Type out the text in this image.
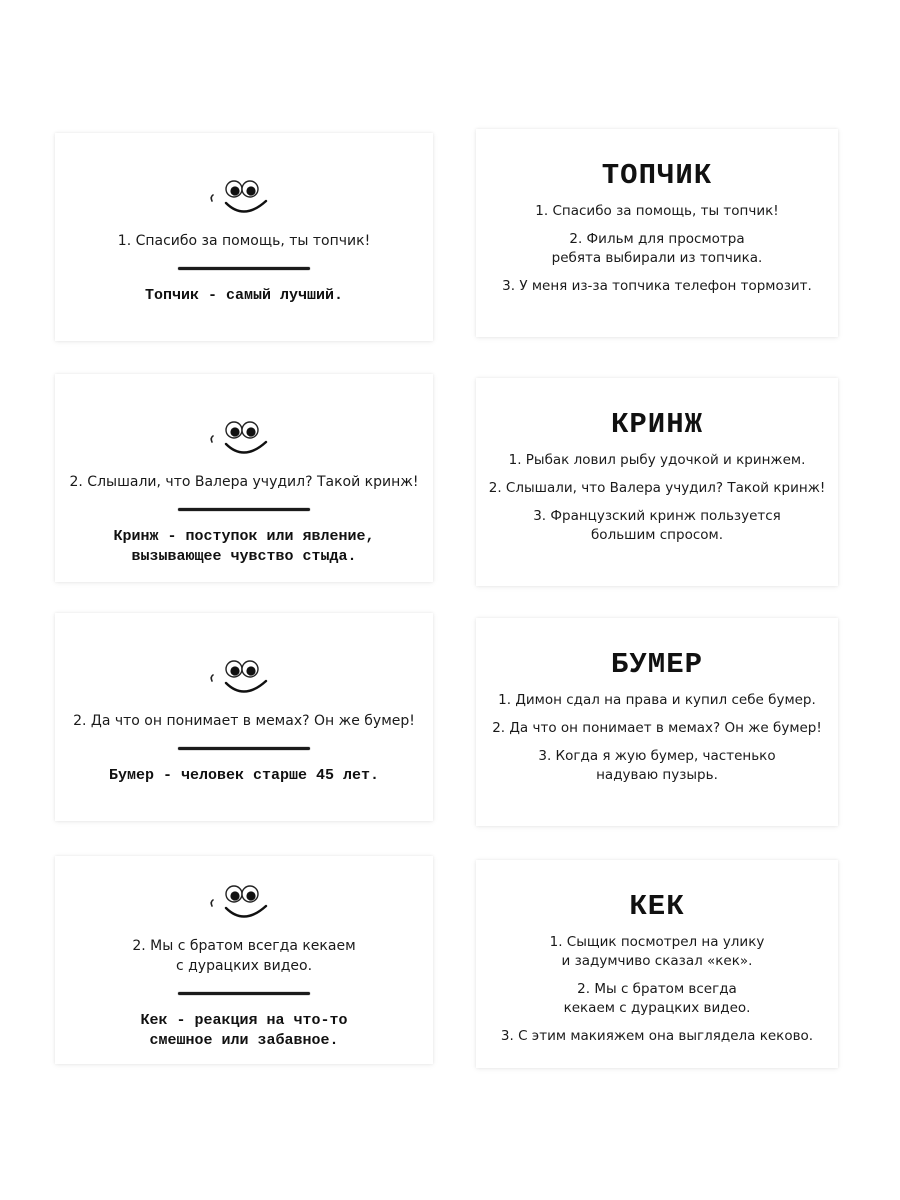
1. Спасибо за помощь, ты топчик!
Топчик - самый лучший.
2. Слышали, что Валера учудил? Такой кринж!
Кринж - поступок или явление,
вызывающее чувство стыда.
2. Да что он понимает в мемах? Он же бумер!
Бумер - человек старше 45 лет.
2. Мы с братом всегда кекаем
с дурацких видео.
Кек - реакция на что-то
смешное или забавное.
ТОПЧИК
1. Спасибо за помощь, ты топчик!
2. Фильм для просмотра
ребята выбирали из топчика.
3. У меня из-за топчика телефон тормозит.
КРИНЖ
1. Рыбак ловил рыбу удочкой и кринжем.
2. Слышали, что Валера учудил? Такой кринж!
3. Французский кринж пользуется
большим спросом.
БУМЕР
1. Димон сдал на права и купил себе бумер.
2. Да что он понимает в мемах? Он же бумер!
3. Когда я жую бумер, частенько
надуваю пузырь.
КЕК
1. Сыщик посмотрел на улику
и задумчиво сказал «кек».
2. Мы с братом всегда
кекаем с дурацких видео.
3. С этим макияжем она выглядела кеково.
